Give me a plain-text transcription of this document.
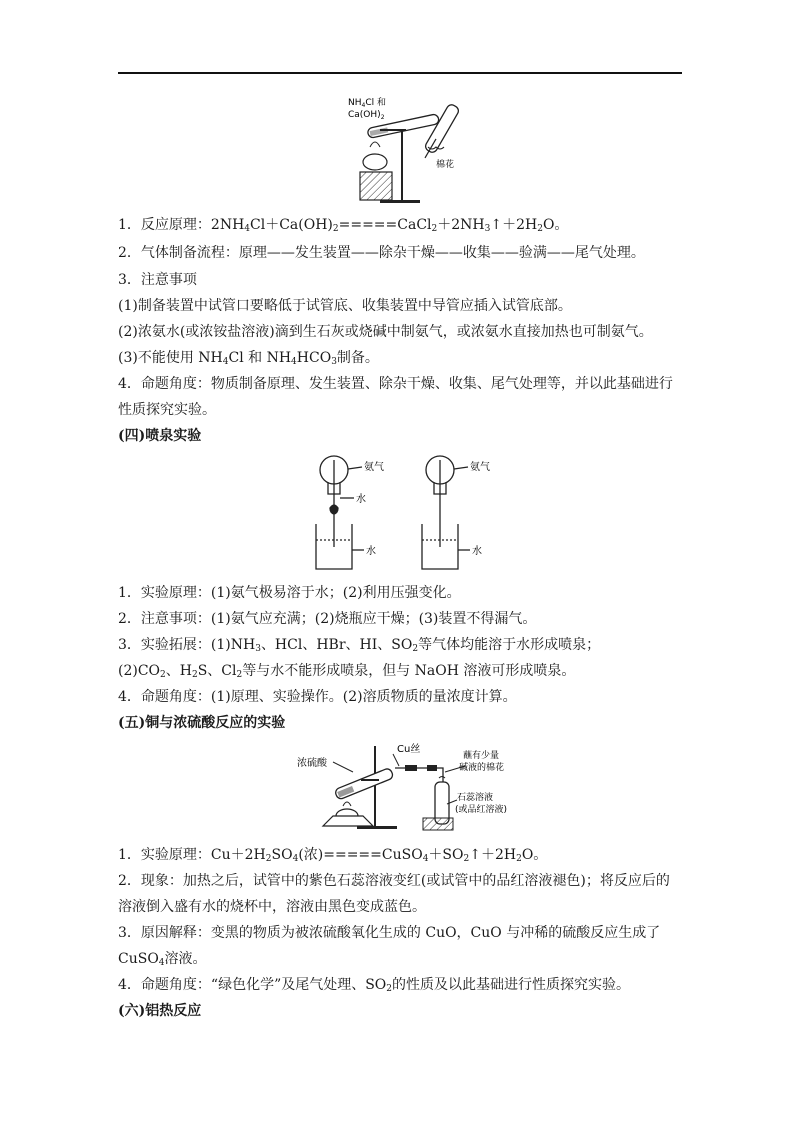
$NH_4Cl$ 和
$Ca(OH)_2$
棉花
1．反应原理：$2NH_4Cl+Ca(OH)_2=====CaCl_2+2NH_3↑+2H_2O$。
2．气体制备流程：原理——发生装置——除杂干燥——收集——验满——尾气处理。
3．注意事项
(1)制备装置中试管口要略低于试管底、收集装置中导管应插入试管底部。
(2)浓氨水(或浓铵盐溶液)滴到生石灰或烧碱中制氨气，或浓氨水直接加热也可制氨气。
(3)不能使用 $NH_4Cl$ 和 $NH_4HCO_3$制备。
4．命题角度：物质制备原理、发生装置、除杂干燥、收集、尾气处理等，并以此基础进行
性质探究实验。
(四)喷泉实验
氨气
水
水
氨气
水
1．实验原理：(1)氨气极易溶于水；(2)利用压强变化。
2．注意事项：(1)氨气应充满；(2)烧瓶应干燥；(3)装置不得漏气。
3．实验拓展：$(1)NH_3$、HCl、HBr、HI、$SO_2$等气体均能溶于水形成喷泉；
$(2)CO_2$、$H_2S$、$Cl_2$等与水不能形成喷泉，但与 NaOH 溶液可形成喷泉。
4．命题角度：(1)原理、实验操作。(2)溶质物质的量浓度计算。
(五)铜与浓硫酸反应的实验
浓硫酸
Cu丝
蘸有少量
碱液的棉花
石蕊溶液
(或品红溶液)
1．实验原理：$Cu+2H_2SO_4$(浓)$=====CuSO_4+SO_2↑+2H_2O$。
2．现象：加热之后，试管中的紫色石蕊溶液变红(或试管中的品红溶液褪色)；将反应后的
溶液倒入盛有水的烧杯中，溶液由黑色变成蓝色。
3．原因解释：变黑的物质为被浓硫酸氧化生成的 CuO，CuO 与冲稀的硫酸反应生成了
CuSO$_4$溶液。
4．命题角度：“绿色化学”及尾气处理、$SO_2$的性质及以此基础进行性质探究实验。
(六)铝热反应
